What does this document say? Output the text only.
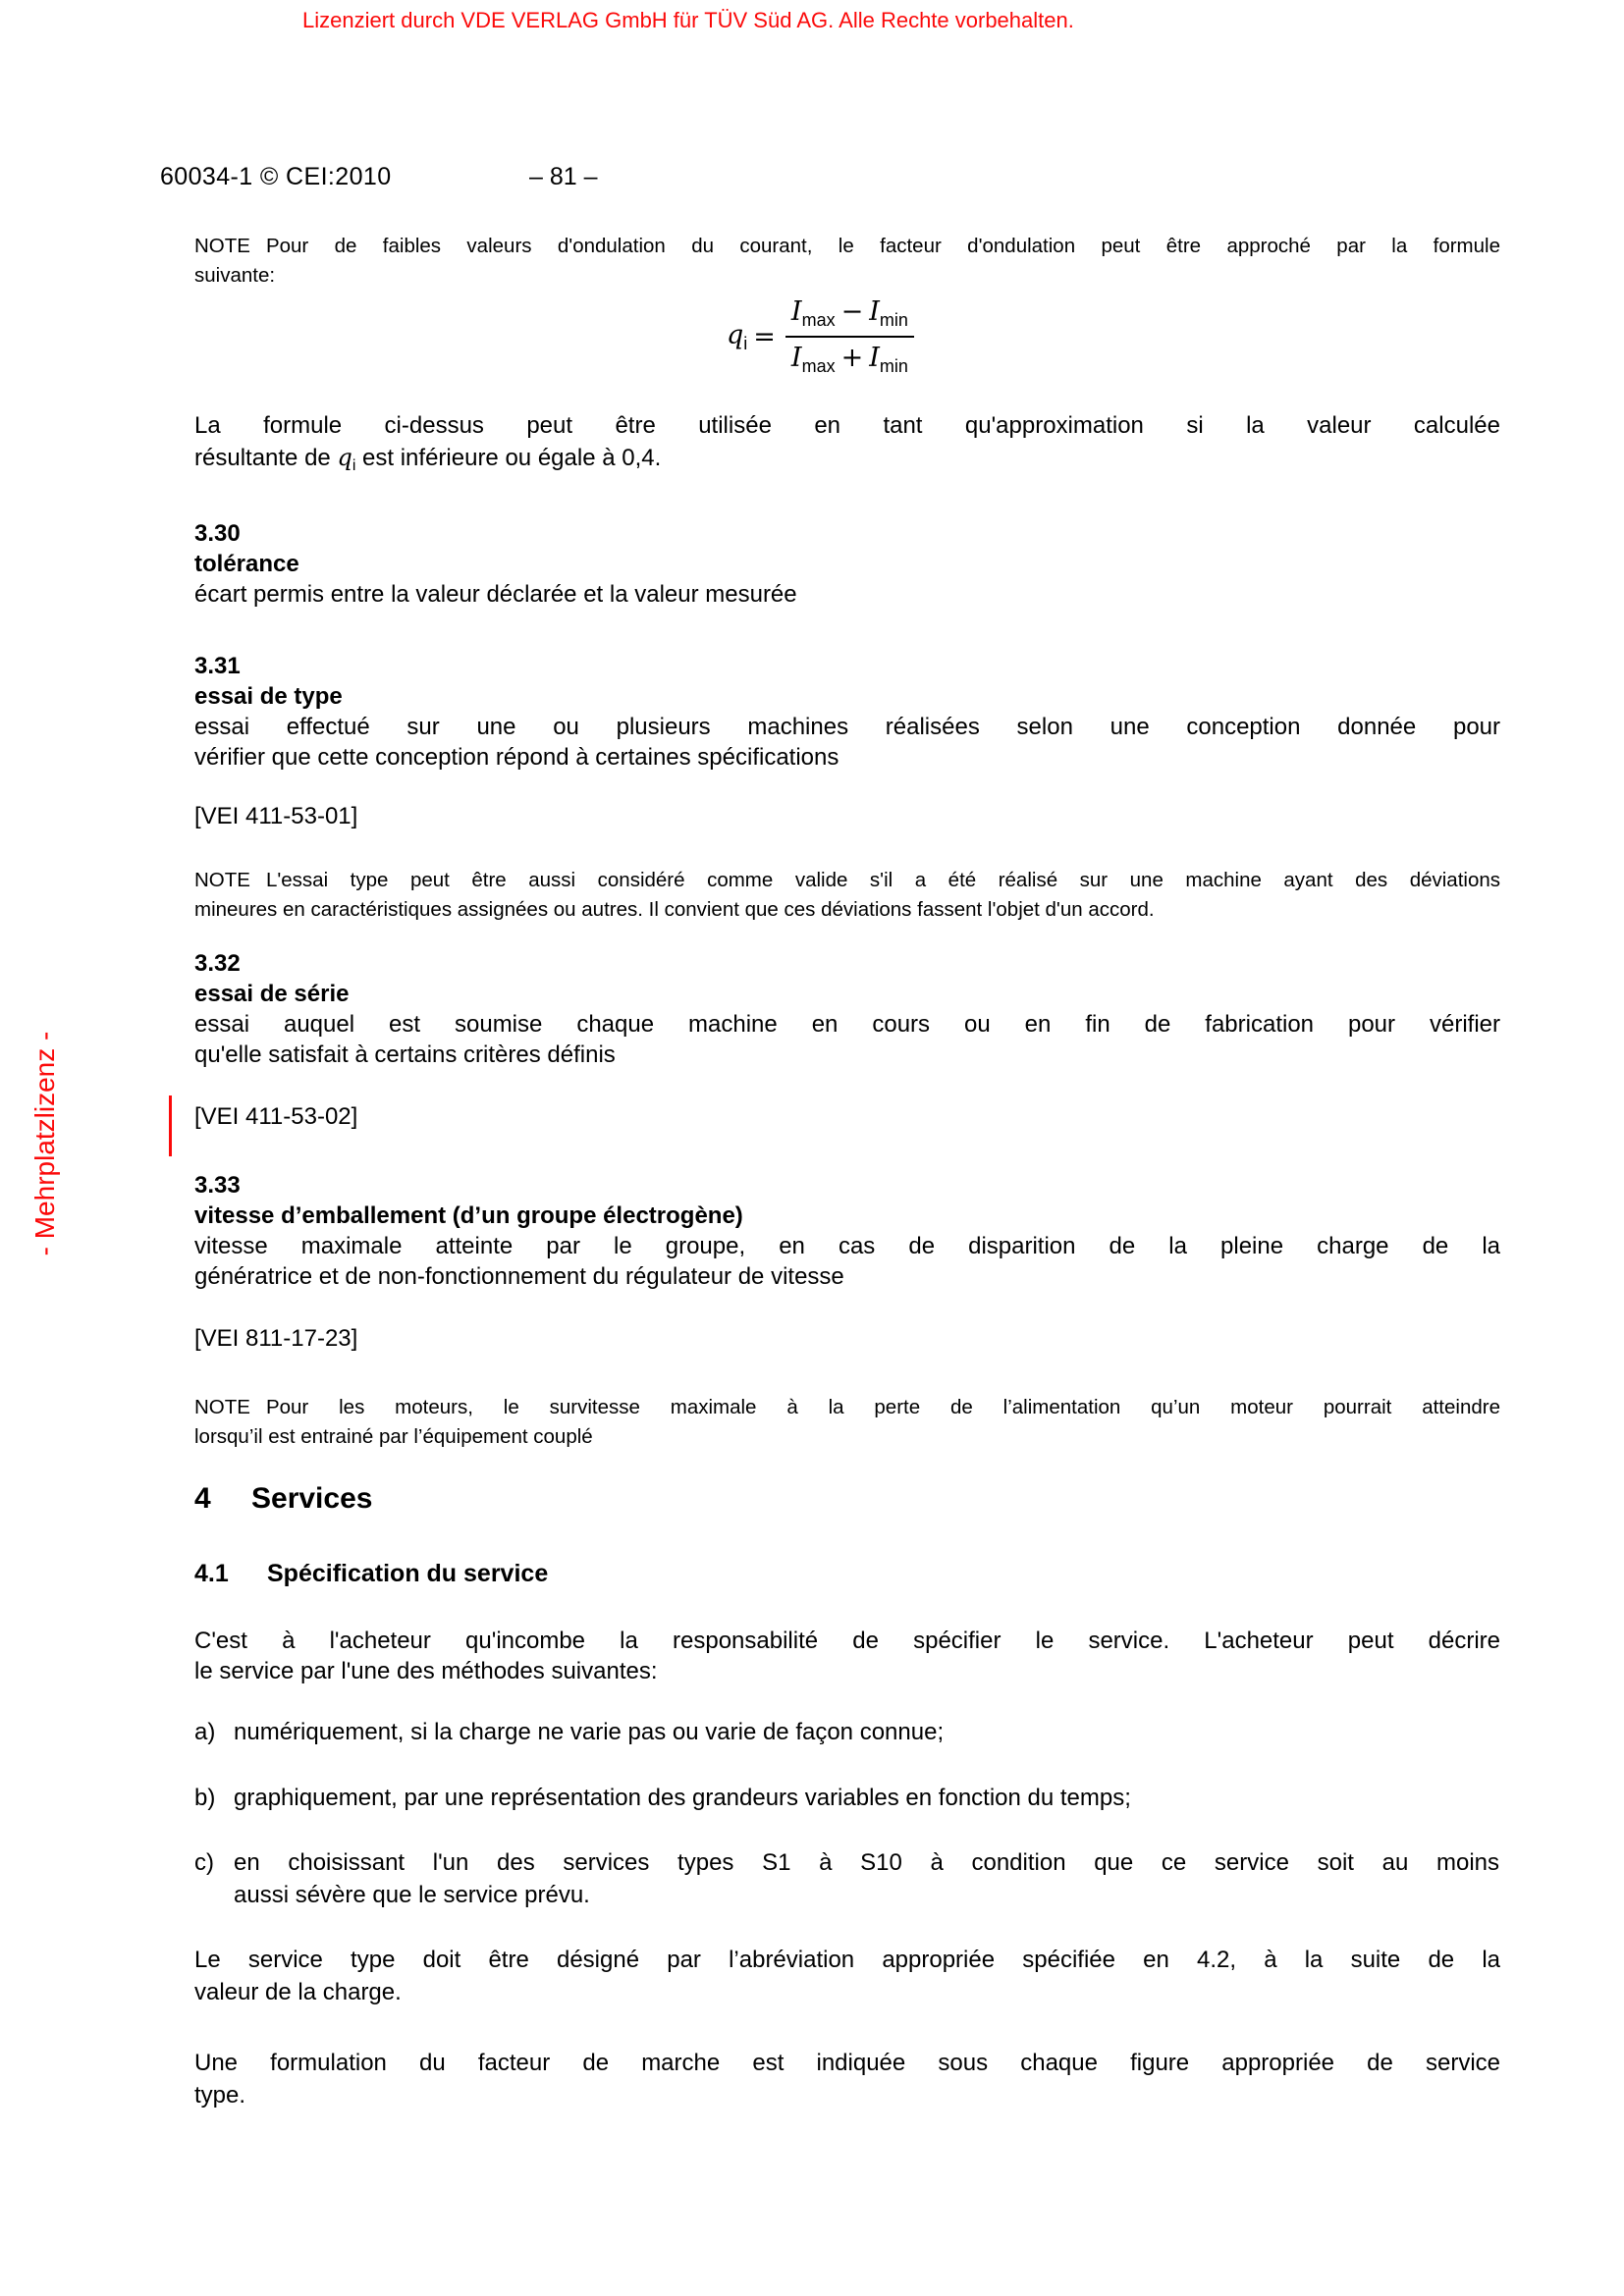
Lizenziert durch VDE VERLAG GmbH für TÜV Süd AG. Alle Rechte vorbehalten.
- Mehrplatzlizenz -
60034-1 © CEI:2010	– 81 –
NOTE Pour de faibles valeurs d'ondulation du courant, le facteur d'ondulation peut être approché par la formule
suivante:
$q_i = \frac{I_{max} - I_{min}}{I_{max} + I_{min}}$
La formule ci-dessus peut être utilisée en tant qu'approximation si la valeur calculée
résultante de $q_i$ est inférieure ou égale à 0,4.
3.30
tolérance
écart permis entre la valeur déclarée et la valeur mesurée
3.31
essai de type
essai effectué sur une ou plusieurs machines réalisées selon une conception donnée pour
vérifier que cette conception répond à certaines spécifications
[VEI 411-53-01]
NOTE L'essai type peut être aussi considéré comme valide s'il a été réalisé sur une machine ayant des déviations
mineures en caractéristiques assignées ou autres. Il convient que ces déviations fassent l'objet d'un accord.
3.32
essai de série
essai auquel est soumise chaque machine en cours ou en fin de fabrication pour vérifier
qu'elle satisfait à certains critères définis
[VEI 411-53-02]
3.33
vitesse d’emballement (d’un groupe électrogène)
vitesse maximale atteinte par le groupe, en cas de disparition de la pleine charge de la
génératrice et de non-fonctionnement du régulateur de vitesse
[VEI 811-17-23]
NOTE Pour les moteurs, le survitesse maximale à la perte de l’alimentation qu’un moteur pourrait atteindre
lorsqu’il est entrainé par l’équipement couplé
4 Services
4.1 Spécification du service
C'est à l'acheteur qu'incombe la responsabilité de spécifier le service. L'acheteur peut décrire
le service par l'une des méthodes suivantes:
a) numériquement, si la charge ne varie pas ou varie de façon connue;
b) graphiquement, par une représentation des grandeurs variables en fonction du temps;
c) en choisissant l'un des services types S1 à S10 à condition que ce service soit au moins
aussi sévère que le service prévu.
Le service type doit être désigné par l’abréviation appropriée spécifiée en 4.2, à la suite de la
valeur de la charge.
Une formulation du facteur de marche est indiquée sous chaque figure appropriée de service
type.
